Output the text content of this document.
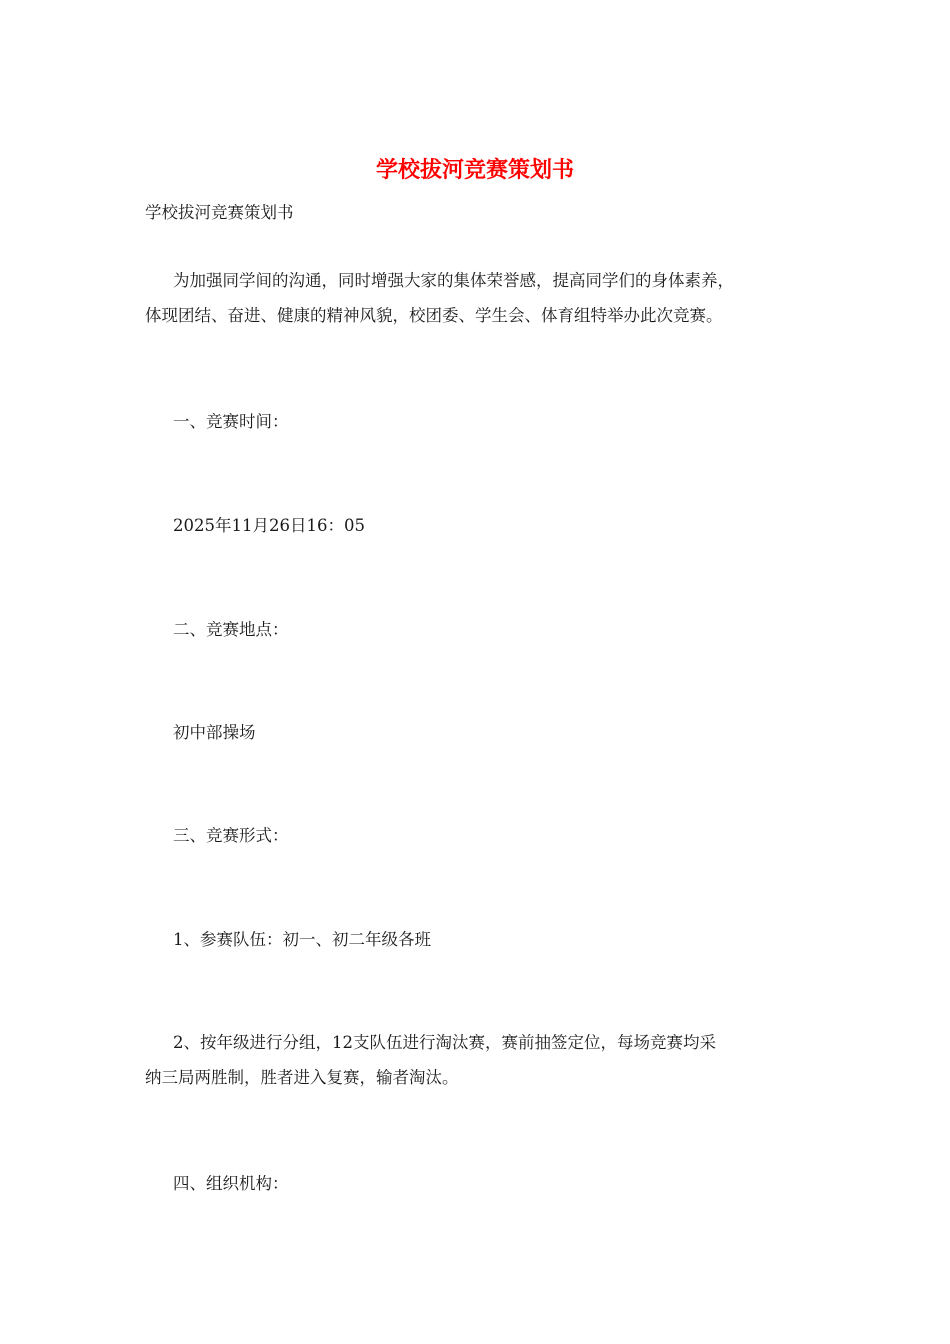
学校拔河竞赛策划书

学校拔河竞赛策划书

为加强同学间的沟通，同时增强大家的集体荣誉感，提高同学们的身体素养，

体现团结、奋进、健康的精神风貌，校团委、学生会、体育组特举办此次竞赛。

一、竞赛时间：

2025年11月26日16：05

二、竞赛地点：

初中部操场

三、竞赛形式：

1、参赛队伍：初一、初二年级各班

2、按年级进行分组，12支队伍进行淘汰赛，赛前抽签定位，每场竞赛均采

纳三局两胜制，胜者进入复赛，输者淘汰。

四、组织机构：
